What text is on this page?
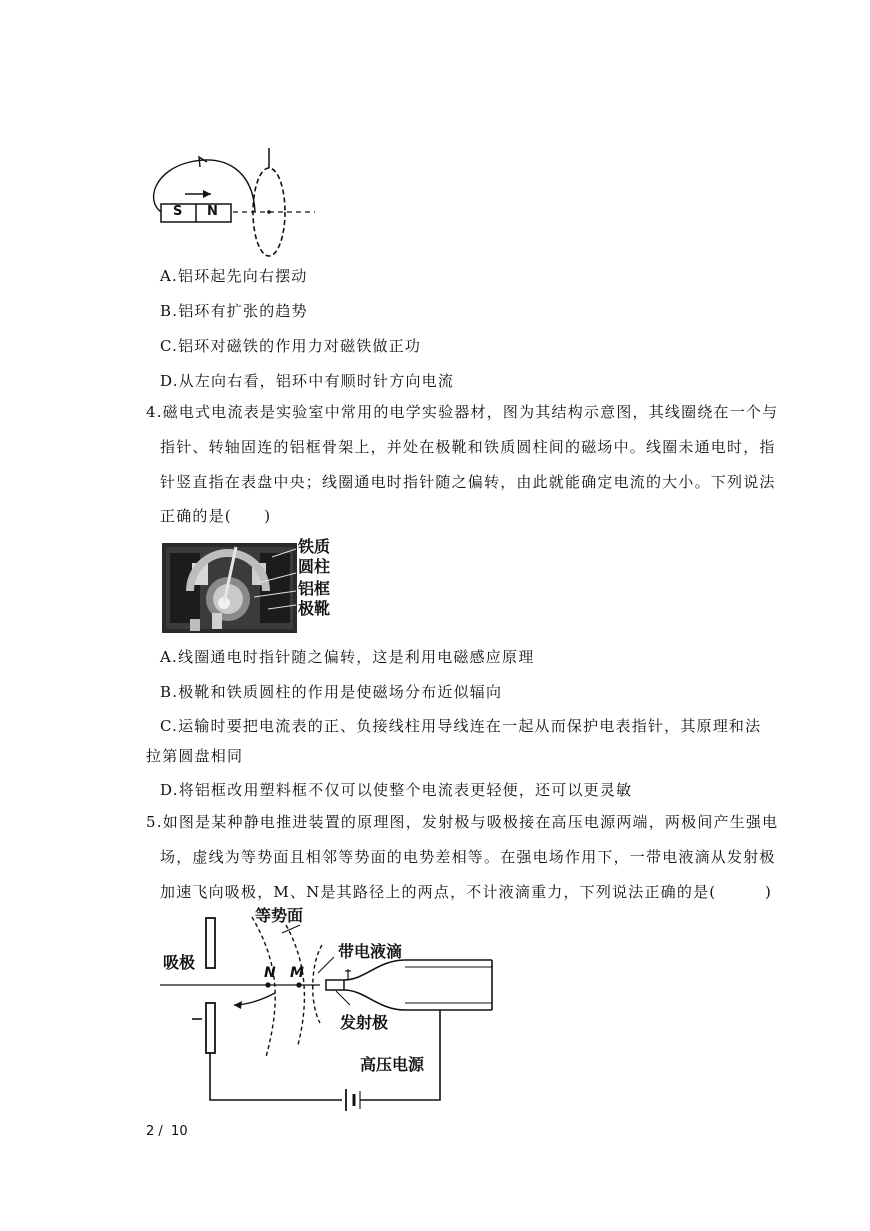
S N
A.铝环起先向右摆动
B.铝环有扩张的趋势
C.铝环对磁铁的作用力对磁铁做正功
D.从左向右看，铝环中有顺时针方向电流
4.磁电式电流表是实验室中常用的电学实验器材，图为其结构示意图，其线圈绕在一个与
指针、转轴固连的铝框骨架上，并处在极靴和铁质圆柱间的磁场中。线圈未通电时，指
针竖直指在表盘中央；线圈通电时指针随之偏转，由此就能确定电流的大小。下列说法
正确的是(　　)
铁质
圆柱
铝框
极靴
A.线圈通电时指针随之偏转，这是利用电磁感应原理
B.极靴和铁质圆柱的作用是使磁场分布近似辐向
C.运输时要把电流表的正、负接线柱用导线连在一起从而保护电表指针，其原理和法
拉第圆盘相同
D.将铝框改用塑料框不仅可以使整个电流表更轻便，还可以更灵敏
5.如图是某种静电推进装置的原理图，发射极与吸极接在高压电源两端，两极间产生强电
场，虚线为等势面且相邻等势面的电势差相等。在强电场作用下，一带电液滴从发射极
加速飞向吸极，M、N是其路径上的两点，不计液滴重力，下列说法正确的是(　　　)
等势面
吸极
带电液滴
N M
发射极
高压电源
2 /  10
